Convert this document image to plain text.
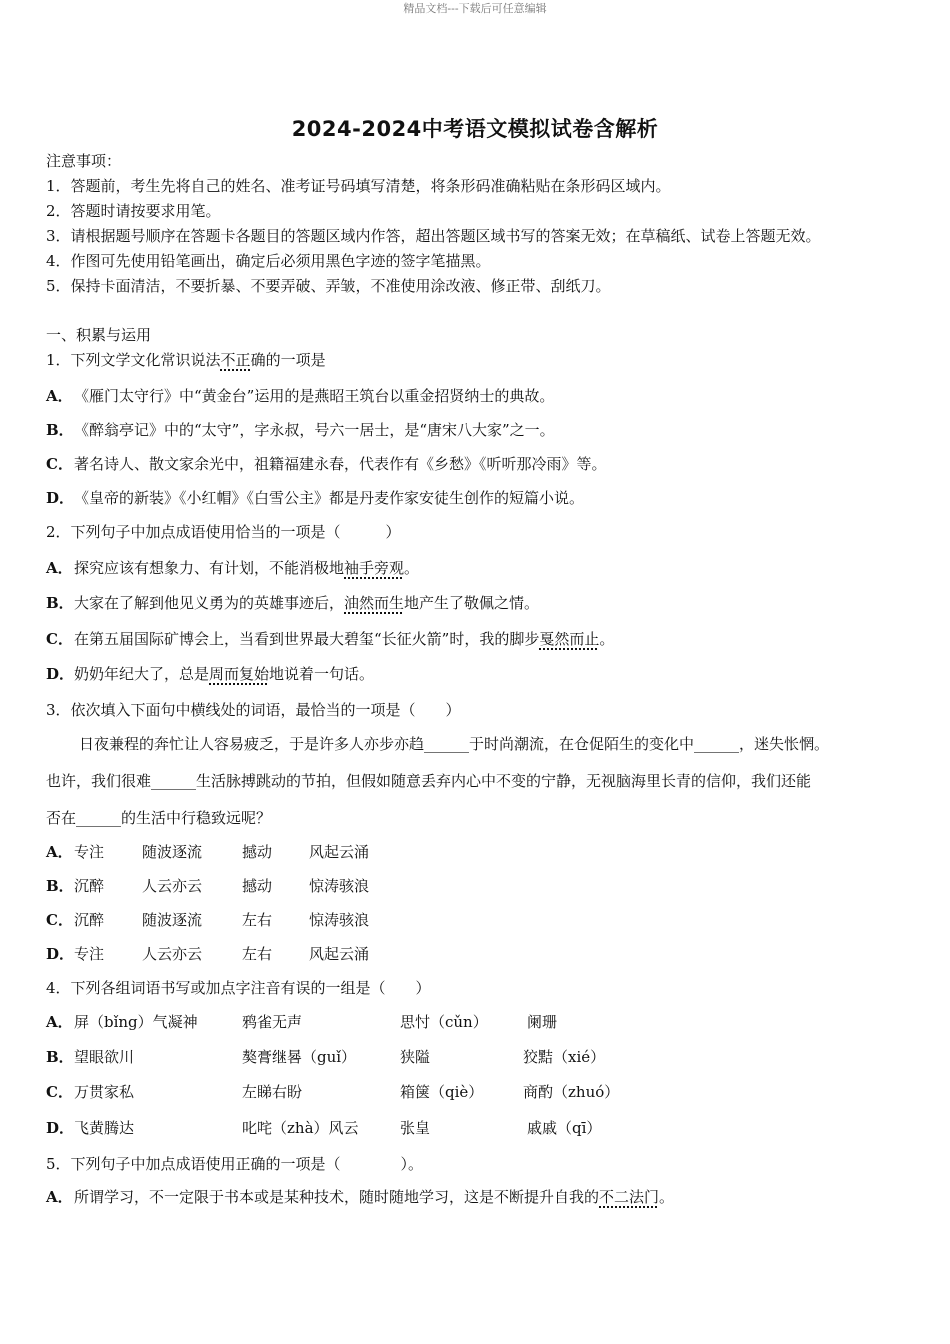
精品文档---下载后可任意编辑
2024-2024中考语文模拟试卷含解析
注意事项：
1．答题前，考生先将自己的姓名、准考证号码填写清楚，将条形码准确粘贴在条形码区域内。
2．答题时请按要求用笔。
3．请根据题号顺序在答题卡各题目的答题区域内作答，超出答题区域书写的答案无效；在草稿纸、试卷上答题无效。
4．作图可先使用铅笔画出，确定后必须用黑色字迹的签字笔描黑。
5．保持卡面清洁，不要折暴、不要弄破、弄皱，不准使用涂改液、修正带、刮纸刀。
一、积累与运用
1．下列文学文化常识说法不正确的一项是
A．《雁门太守行》中“黄金台”运用的是燕昭王筑台以重金招贤纳士的典故。
B．《醉翁亭记》中的“太守”，字永叔，号六一居士，是“唐宋八大家”之一。
C．著名诗人、散文家余光中，祖籍福建永春，代表作有《乡愁》《听听那冷雨》等。
D．《皇帝的新装》《小红帽》《白雪公主》都是丹麦作家安徒生创作的短篇小说。
2．下列句子中加点成语使用恰当的一项是（　　　）
A．探究应该有想象力、有计划，不能消极地袖手旁观。
B．大家在了解到他见义勇为的英雄事迹后，油然而生地产生了敬佩之情。
C．在第五届国际矿博会上，当看到世界最大碧玺“长征火箭”时，我的脚步戛然而止。
D．奶奶年纪大了，总是周而复始地说着一句话。
3．依次填入下面句中横线处的词语，最恰当的一项是（　　）
日夜兼程的奔忙让人容易疲乏，于是许多人亦步亦趋______于时尚潮流，在仓促陌生的变化中______，迷失怅惘。
也许，我们很难______生活脉搏跳动的节拍，但假如随意丢弃内心中不变的宁静，无视脑海里长青的信仰，我们还能
否在______的生活中行稳致远呢？
A． 专注	随波逐流	撼动 风起云涌
B． 沉醉	人云亦云	撼动 惊涛骇浪
C． 沉醉	随波逐流	左右 惊涛骇浪
D． 专注	人云亦云	左右 风起云涌
4．下列各组词语书写或加点字注音有误的一组是（　　）
A． 屏（bǐng）气凝神	鸦雀无声	思忖（cǔn）	阑珊
B． 望眼欲川	獒膏继晷（guǐ）	狭隘	狡黠（xié）
C． 万贯家私	左睇右盼	箱箧（qiè）	商酌（zhuó）
D． 飞黄腾达	叱咤（zhà）风云	张皇	戚戚（qī）
5．下列句子中加点成语使用正确的一项是（　　　　）。
A．所谓学习，不一定限于书本或是某种技术，随时随地学习，这是不断提升自我的不二法门。
